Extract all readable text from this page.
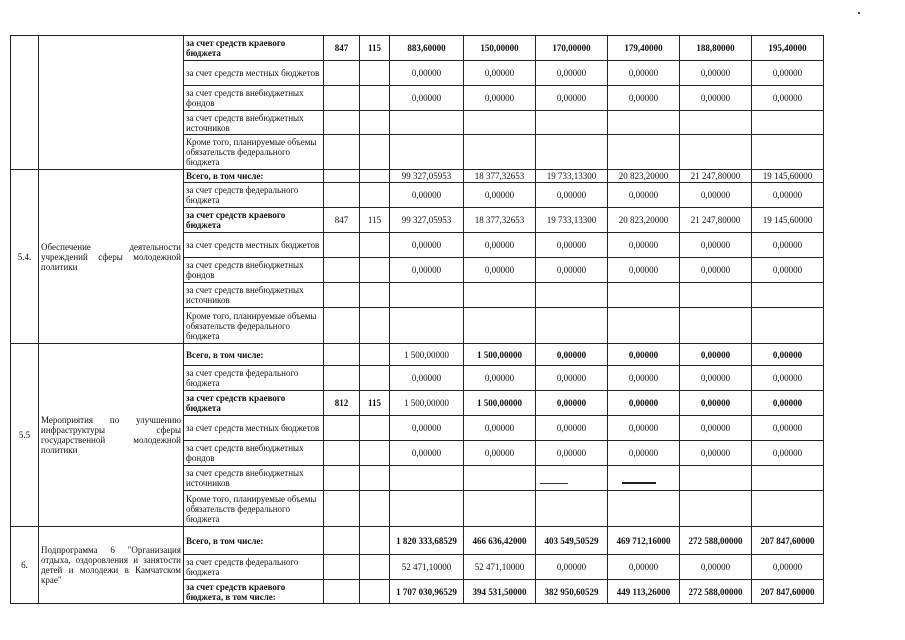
		за счет средств краевого бюджета	847	115	883,60000	150,00000	170,00000	179,40000	188,80000	195,40000
		за счет средств местных бюджетов			0,00000	0,00000	0,00000	0,00000	0,00000	0,00000
		за счет средств внебюджетных фондов			0,00000	0,00000	0,00000	0,00000	0,00000	0,00000
		за счет средств внебюджетных источников								
		Кроме того, планируемые объемы обязательств федерального бюджета								
5.4.	Обеспечение деятельности учреждений сферы молодежной политики	Всего, в том числе:			99 327,05953	18 377,32653	19 733,13300	20 823,20000	21 247,80000	19 145,60000
		за счет средств федерального бюджета			0,00000	0,00000	0,00000	0,00000	0,00000	0,00000
		за счет средств краевого бюджета	847	115	99 327,05953	18 377,32653	19 733,13300	20 823,20000	21 247,80000	19 145,60000
		за счет средств местных бюджетов			0,00000	0,00000	0,00000	0,00000	0,00000	0,00000
		за счет средств внебюджетных фондов			0,00000	0,00000	0,00000	0,00000	0,00000	0,00000
		за счет средств внебюджетных источников								
		Кроме того, планируемые объемы обязательств федерального бюджета								
5.5	Мероприятия по улучшению инфраструктуры сферы государственной молодежной политики	Всего, в том числе:			1 500,00000	1 500,00000	0,00000	0,00000	0,00000	0,00000
		за счет средств федерального бюджета			0,00000	0,00000	0,00000	0,00000	0,00000	0,00000
		за счет средств краевого бюджета	812	115	1 500,00000	1 500,00000	0,00000	0,00000	0,00000	0,00000
		за счет средств местных бюджетов			0,00000	0,00000	0,00000	0,00000	0,00000	0,00000
		за счет средств внебюджетных фондов			0,00000	0,00000	0,00000	0,00000	0,00000	0,00000
		за счет средств внебюджетных источников								
		Кроме того, планируемые объемы обязательств федерального бюджета								
6.	Подпрограмма 6 "Организация отдыха, оздоровления и занятости детей и молодежи в Камчатском крае"	Всего, в том числе:			1 820 333,68529	466 636,42000	403 549,50529	469 712,16000	272 588,00000	207 847,60000
		за счет средств федерального бюджета			52 471,10000	52 471,10000	0,00000	0,00000	0,00000	0,00000
		за счет средств краевого бюджета, в том числе:			1 707 030,96529	394 531,50000	382 950,60529	449 113,26000	272 588,00000	207 847,60000
